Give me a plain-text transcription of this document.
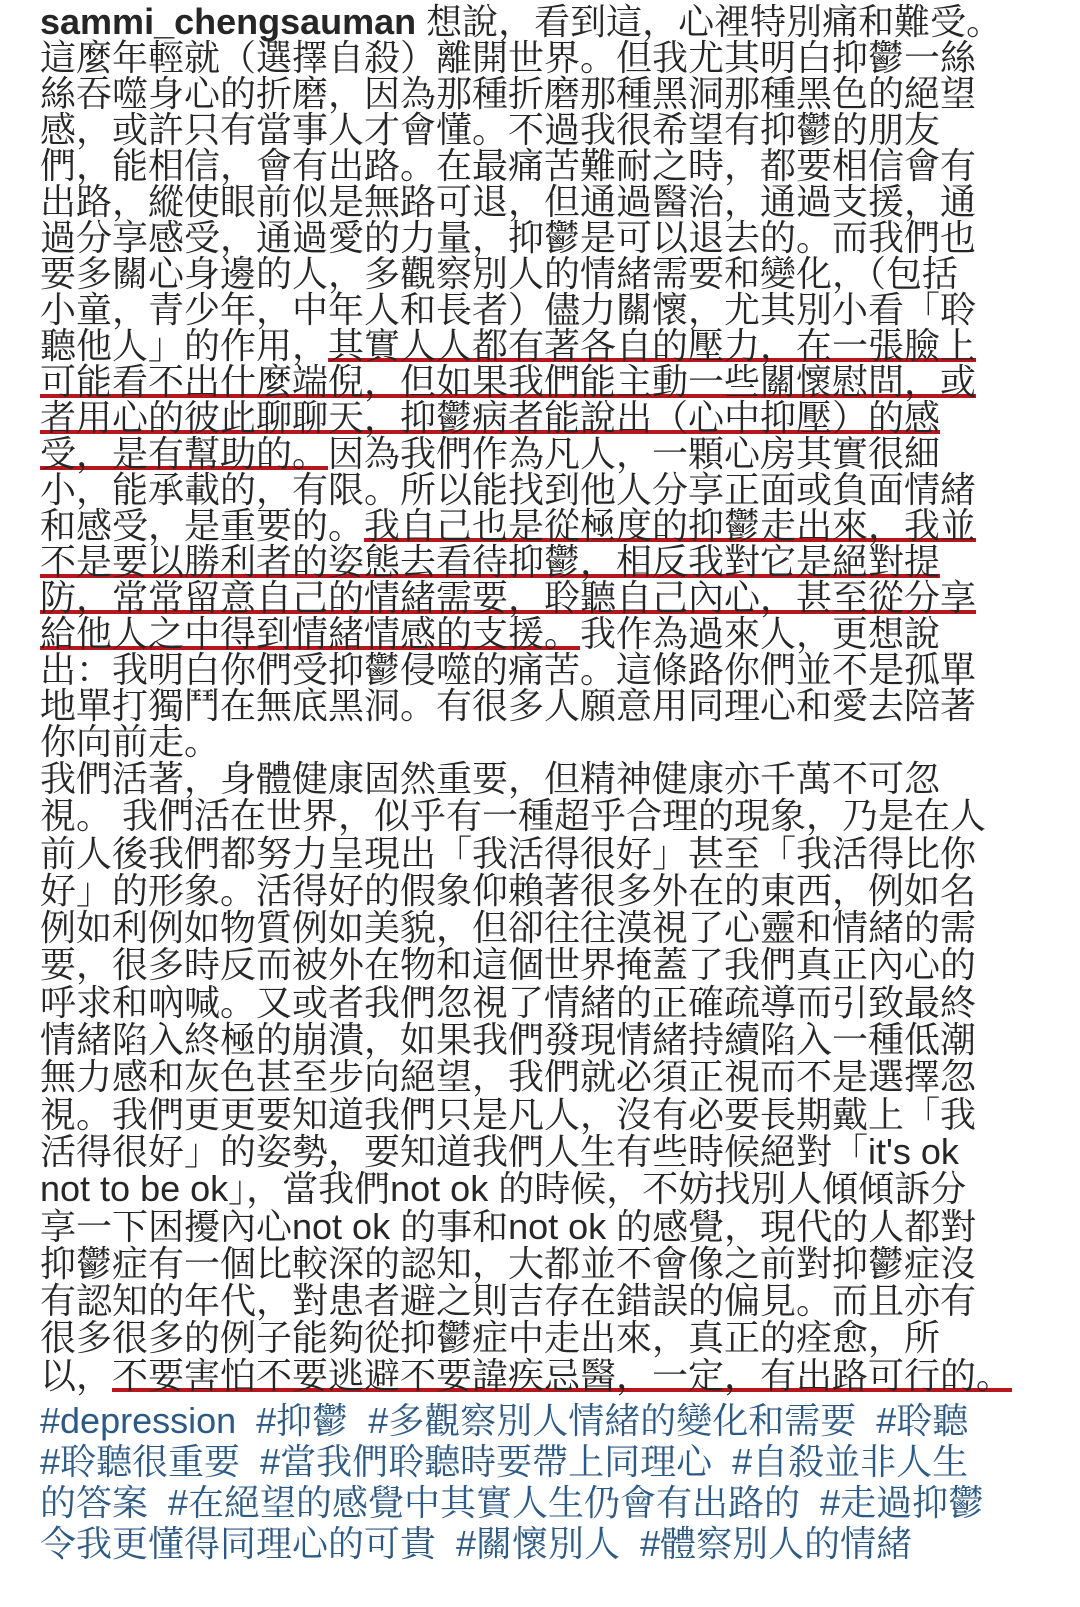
sammi_chengsauman 想說，看到這，心裡特別痛和難受。
這麼年輕就（選擇自殺）離開世界。但我尤其明白抑鬱一絲
絲吞噬身心的折磨，因為那種折磨那種黑洞那種黑色的絕望
感，或許只有當事人才會懂。不過我很希望有抑鬱的朋友
們，能相信，會有出路。在最痛苦難耐之時，都要相信會有
出路，縱使眼前似是無路可退，但通過醫治，通過支援，通
過分享感受，通過愛的力量，抑鬱是可以退去的。而我們也
要多關心身邊的人，多觀察別人的情緒需要和變化，（包括
小童，青少年，中年人和長者）儘力關懷，尤其別小看「聆
聽他人」的作用，其實人人都有著各自的壓力，在一張臉上
可能看不出什麼端倪，但如果我們能主動一些關懷慰問，或
者用心的彼此聊聊天，抑鬱病者能說出（心中抑壓）的感
受，是有幫助的。因為我們作為凡人，一顆心房其實很細
小，能承載的，有限。所以能找到他人分享正面或負面情緒
和感受，是重要的。我自己也是從極度的抑鬱走出來，我並
不是要以勝利者的姿態去看待抑鬱，相反我對它是絕對提
防，常常留意自己的情緒需要，聆聽自己內心，甚至從分享
給他人之中得到情緒情感的支援。我作為過來人，更想說
出：我明白你們受抑鬱侵噬的痛苦。這條路你們並不是孤單
地單打獨鬥在無底黑洞。有很多人願意用同理心和愛去陪著
你向前走。
我們活著，身體健康固然重要，但精神健康亦千萬不可忽
視。 我們活在世界，似乎有一種超乎合理的現象，乃是在人
前人後我們都努力呈現出「我活得很好」甚至「我活得比你
好」的形象。活得好的假象仰賴著很多外在的東西，例如名
例如利例如物質例如美貌，但卻往往漠視了心靈和情緒的需
要，很多時反而被外在物和這個世界掩蓋了我們真正內心的
呼求和吶喊。又或者我們忽視了情緒的正確疏導而引致最終
情緒陷入終極的崩潰，如果我們發現情緒持續陷入一種低潮
無力感和灰色甚至步向絕望，我們就必須正視而不是選擇忽
視。我們更更要知道我們只是凡人，沒有必要長期戴上「我
活得很好」的姿勢，要知道我們人生有些時候絕對「it's ok
not to be ok」，當我們not ok 的時候，不妨找別人傾傾訴分
享一下困擾內心not ok 的事和not ok 的感覺，現代的人都對
抑鬱症有一個比較深的認知，大都並不會像之前對抑鬱症沒
有認知的年代，對患者避之則吉存在錯誤的偏見。而且亦有
很多很多的例子能夠從抑鬱症中走出來，真正的痊愈，所
以，不要害怕不要逃避不要諱疾忌醫，一定，有出路可行的。
#depression #抑鬱 #多觀察別人情緒的變化和需要 #聆聽
#聆聽很重要 #當我們聆聽時要帶上同理心 #自殺並非人生
的答案 #在絕望的感覺中其實人生仍會有出路的 #走過抑鬱
令我更懂得同理心的可貴 #關懷別人 #體察別人的情緒
